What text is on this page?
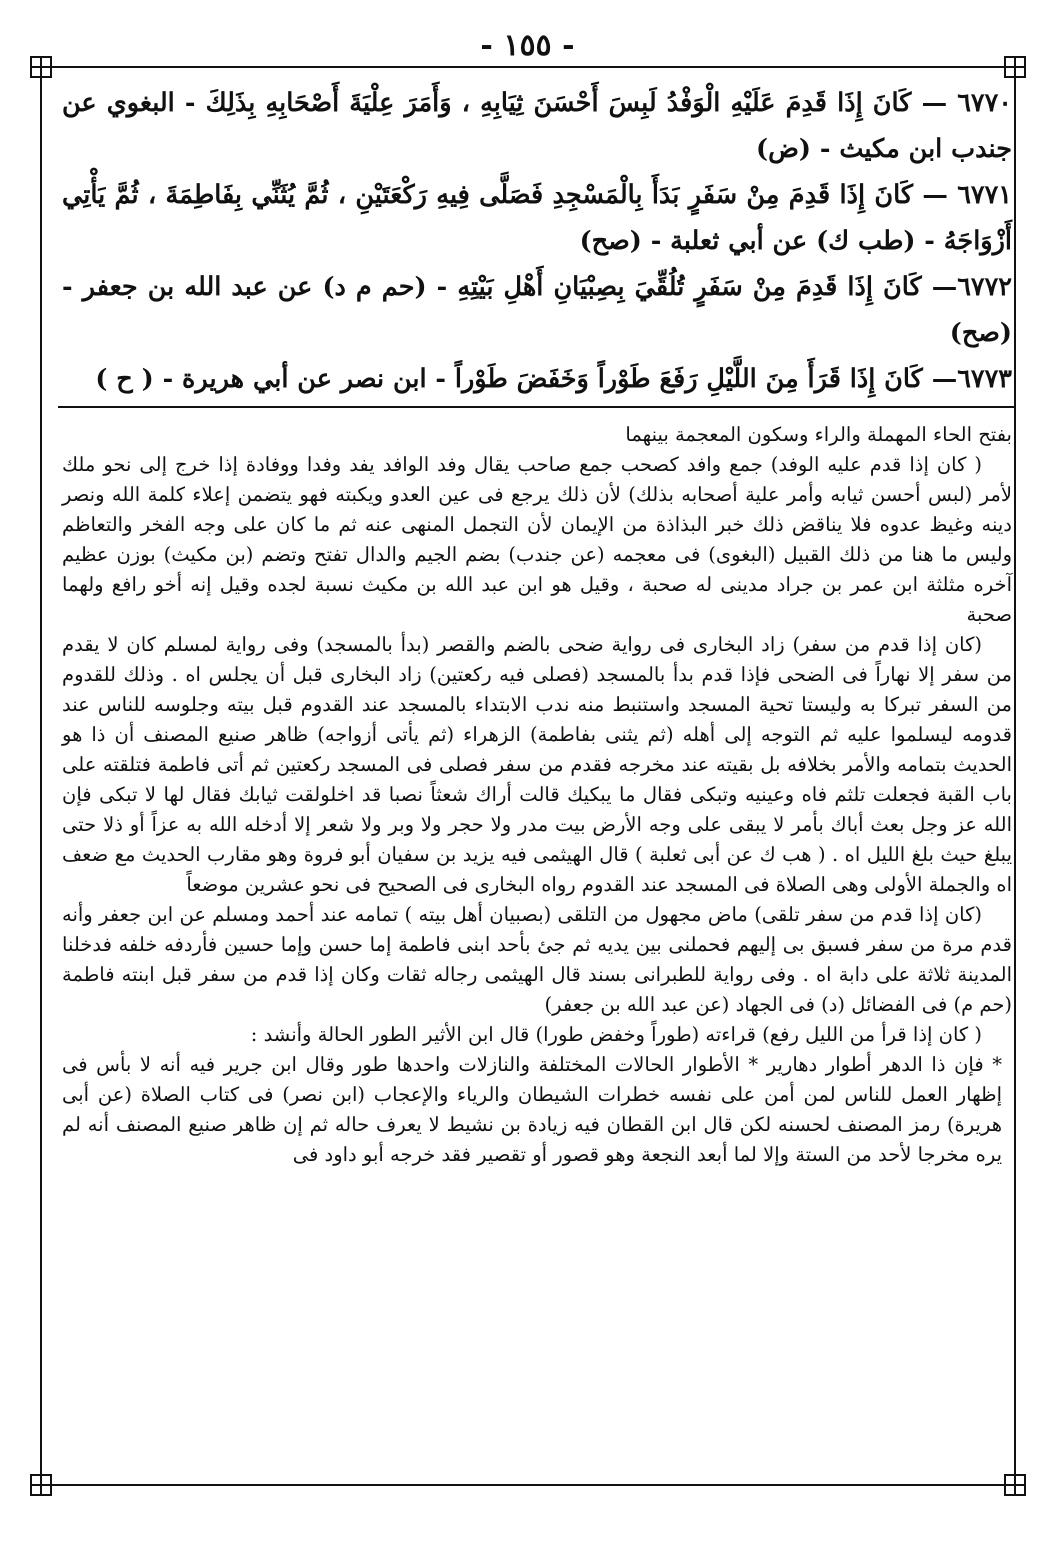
- ١٥٥ -

٦٧٧٠ — كَانَ إِذَا قَدِمَ عَلَيْهِ الْوَفْدُ لَبِسَ أَحْسَنَ ثِيَابِهِ ، وَأَمَرَ عِلْيَةَ أَصْحَابِهِ بِذَلِكَ - البغوي عن جندب ابن مكيث - (ض)

٦٧٧١ — كَانَ إِذَا قَدِمَ مِنْ سَفَرٍ بَدَأَ بِالْمَسْجِدِ فَصَلَّى فِيهِ رَكْعَتَيْنِ ، ثُمَّ يُثَنِّي بِفَاطِمَةَ ، ثُمَّ يَأْتِي أَزْوَاجَهُ - (طب ك) عن أبي ثعلبة - (صح)

٦٧٧٢— كَانَ إِذَا قَدِمَ مِنْ سَفَرٍ تُلُقِّيَ بِصِبْيَانِ أَهْلِ بَيْتِهِ - (حم م د) عن عبد الله بن جعفر - (صح)

٦٧٧٣— كَانَ إِذَا قَرَأَ مِنَ اللَّيْلِ رَفَعَ طَوْراً وَخَفَضَ طَوْراً - ابن نصر عن أبي هريرة - ( ح )

بفتح الحاء المهملة والراء وسكون المعجمة بينهما

( كان إذا قدم عليه الوفد) جمع وافد كصحب جمع صاحب يقال وفد الوافد يفد وفدا ووفادة إذا خرج إلى نحو ملك لأمر (لبس أحسن ثيابه وأمر علية أصحابه بذلك) لأن ذلك يرجع فى عين العدو ويكبته فهو يتضمن إعلاء كلمة الله ونصر دينه وغيظ عدوه فلا يناقض ذلك خبر البذاذة من الإيمان لأن التجمل المنهى عنه ثم ما كان على وجه الفخر والتعاظم وليس ما هنا من ذلك القبيل (البغوى) فى معجمه (عن جندب) بضم الجيم والدال تفتح وتضم (بن مكيث) بوزن عظيم آخره مثلثة ابن عمر بن جراد مدينى له صحبة ، وقيل هو ابن عبد الله بن مكيث نسبة لجده وقيل إنه أخو رافع ولهما صحبة

(كان إذا قدم من سفر) زاد البخارى فى رواية ضحى بالضم والقصر (بدأ بالمسجد) وفى رواية لمسلم كان لا يقدم من سفر إلا نهاراً فى الضحى فإذا قدم بدأ بالمسجد (فصلى فيه ركعتين) زاد البخارى قبل أن يجلس اه . وذلك للقدوم من السفر تبركا به وليستا تحية المسجد واستنبط منه ندب الابتداء بالمسجد عند القدوم قبل بيته وجلوسه للناس عند قدومه ليسلموا عليه ثم التوجه إلى أهله (ثم يثنى بفاطمة) الزهراء (ثم يأتى أزواجه) ظاهر صنيع المصنف أن ذا هو الحديث بتمامه والأمر بخلافه بل بقيته عند مخرجه فقدم من سفر فصلى فى المسجد ركعتين ثم أتى فاطمة فتلقته على باب القبة فجعلت تلثم فاه وعينيه وتبكى فقال ما يبكيك قالت أراك شعثاً نصبا قد اخلولقت ثيابك فقال لها لا تبكى فإن الله عز وجل بعث أباك بأمر لا يبقى على وجه الأرض بيت مدر ولا حجر ولا وبر ولا شعر إلا أدخله الله به عزاً أو ذلا حتى يبلغ حيث بلغ الليل اه . ( هب ك عن أبى ثعلبة ) قال الهيثمى فيه يزيد بن سفيان أبو فروة وهو مقارب الحديث مع ضعف اه والجملة الأولى وهى الصلاة فى المسجد عند القدوم رواه البخارى فى الصحيح فى نحو عشرين موضعاً

(كان إذا قدم من سفر تلقى) ماض مجهول من التلقى (بصبيان أهل بيته ) تمامه عند أحمد ومسلم عن ابن جعفر وأنه قدم مرة من سفر فسبق بى إليهم فحملنى بين يديه ثم جئ بأحد ابنى فاطمة إما حسن وإما حسين فأردفه خلفه فدخلنا المدينة ثلاثة على دابة اه . وفى رواية للطبرانى بسند قال الهيثمى رجاله ثقات وكان إذا قدم من سفر قبل ابنته فاطمة (حم م) فى الفضائل (د) فى الجهاد (عن عبد الله بن جعفر)

( كان إذا قرأ من الليل رفع) قراءته (طوراً وخفض طورا) قال ابن الأثير الطور الحالة وأنشد :

* فإن ذا الدهر أطوار دهارير * الأطوار الحالات المختلفة والنازلات واحدها طور وقال ابن جرير فيه أنه لا بأس فى إظهار العمل للناس لمن أمن على نفسه خطرات الشيطان والرياء والإعجاب (ابن نصر) فى كتاب الصلاة (عن أبى هريرة) رمز المصنف لحسنه لكن قال ابن القطان فيه زيادة بن نشيط لا يعرف حاله ثم إن ظاهر صنيع المصنف أنه لم يره مخرجا لأحد من الستة وإلا لما أبعد النجعة وهو قصور أو تقصير فقد خرجه أبو داود فى
